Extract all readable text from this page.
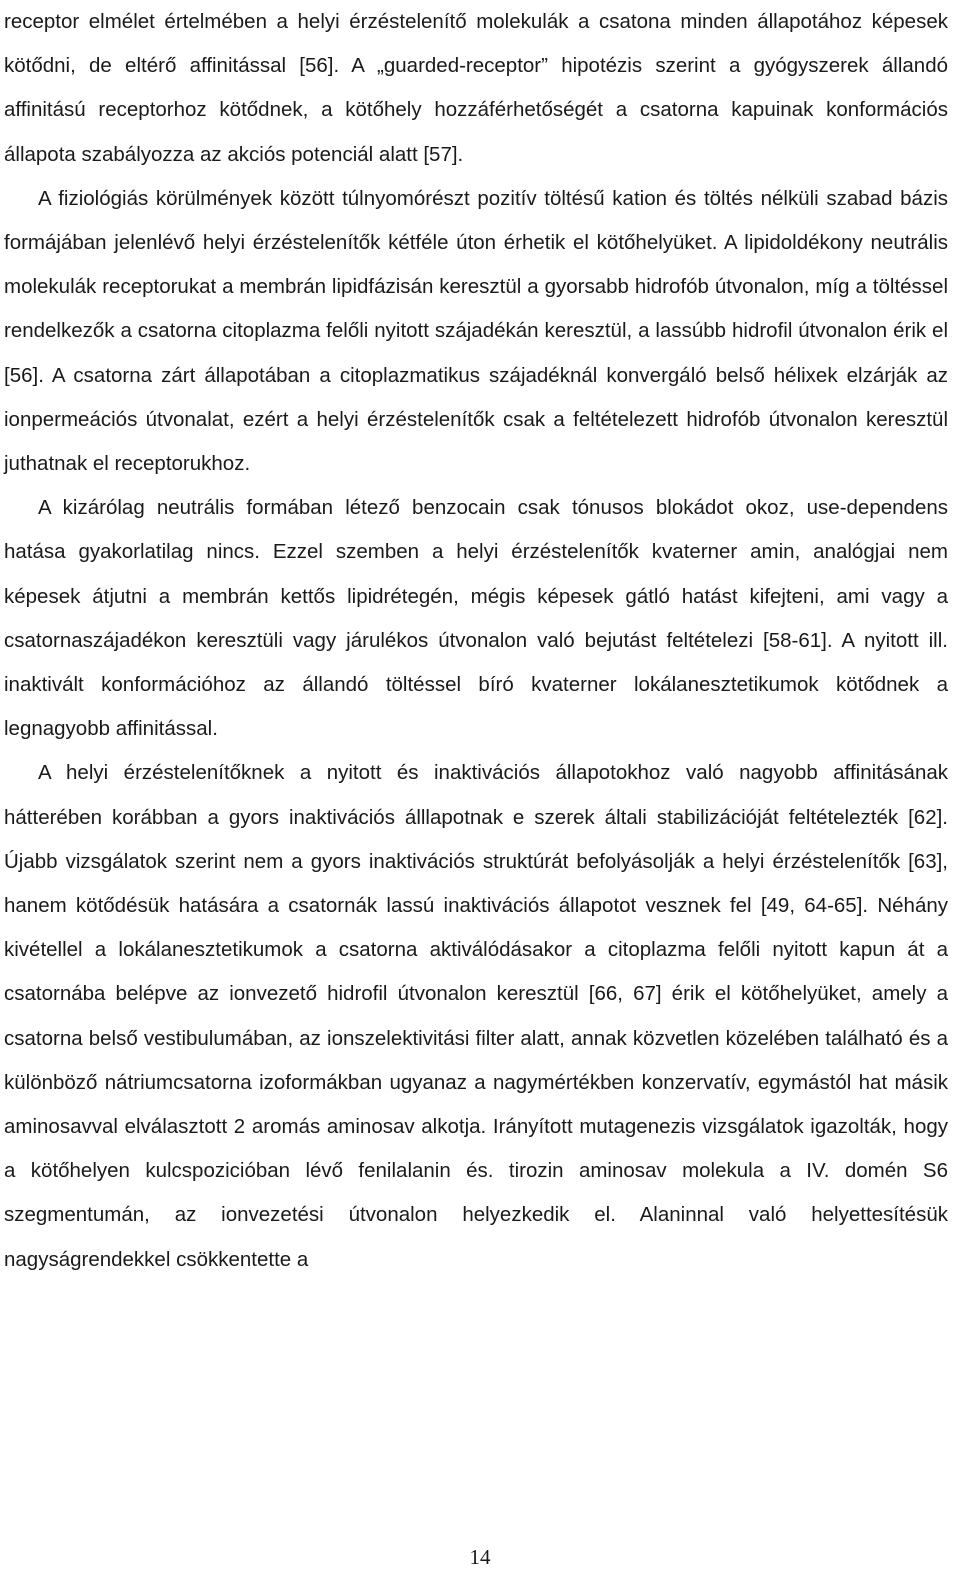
receptor elmélet értelmében a helyi érzéstelenítő molekulák a csatona minden állapotához képesek kötődni, de eltérő affinitással [56]. A „guarded-receptor” hipotézis szerint a gyógyszerek állandó affinitású receptorhoz kötődnek, a kötőhely hozzáférhetőségét a csatorna kapuinak konformációs állapota szabályozza az akciós potenciál alatt [57].

A fiziológiás körülmények között túlnyomórészt pozitív töltésű kation és töltés nélküli szabad bázis formájában jelenlévő helyi érzéstelenítők kétféle úton érhetik el kötőhelyüket. A lipidoldékony neutrális molekulák receptorukat a membrán lipidfázisán keresztül a gyorsabb hidrofób útvonalon, míg a töltéssel rendelkezők a csatorna citoplazma felőli nyitott szájadékán keresztül, a lassúbb hidrofil útvonalon érik el [56]. A csatorna zárt állapotában a citoplazmatikus szájadéknál konvergáló belső hélixek elzárják az ionpermeációs útvonalat, ezért a helyi érzéstelenítők csak a feltételezett hidrofób útvonalon keresztül juthatnak el receptorukhoz.

A kizárólag neutrális formában létező benzocain csak tónusos blokádot okoz, use-dependens hatása gyakorlatilag nincs. Ezzel szemben a helyi érzéstelenítők kvaterner amin, analógjai nem képesek átjutni a membrán kettős lipidrétegén, mégis képesek gátló hatást kifejteni, ami vagy a csatornaszájadékon keresztüli vagy járulékos útvonalon való bejutást feltételezi [58-61]. A nyitott ill. inaktivált konformációhoz az állandó töltéssel bíró kvaterner lokálanesztetikumok kötődnek a legnagyobb affinitással.

A helyi érzéstelenítőknek a nyitott és inaktivációs állapotokhoz való nagyobb affinitásának hátterében korábban a gyors inaktivációs álllapotnak e szerek általi stabilizációját feltételezték [62]. Újabb vizsgálatok szerint nem a gyors inaktivációs struktúrát befolyásolják a helyi érzéstelenítők [63], hanem kötődésük hatására a csatornák lassú inaktivációs állapotot vesznek fel [49, 64-65]. Néhány kivétellel a lokálanesztetikumok a csatorna aktiválódásakor a citoplazma felőli nyitott kapun át a csatornába belépve az ionvezető hidrofil útvonalon keresztül [66, 67] érik el kötőhelyüket, amely a csatorna belső vestibulumában, az ionszelektivitási filter alatt, annak közvetlen közelében található és a különböző nátriumcsatorna izoformákban ugyanaz a nagymértékben konzervatív, egymástól hat másik aminosavval elválasztott 2 aromás aminosav alkotja. Irányított mutagenezis vizsgálatok igazolták, hogy a kötőhelyen kulcspozicióban lévő fenilalanin és. tirozin aminosav molekula a IV. domén S6 szegmentumán, az ionvezetési útvonalon helyezkedik el. Alaninnal való helyettesítésük nagyságrendekkel csökkentette a

14
